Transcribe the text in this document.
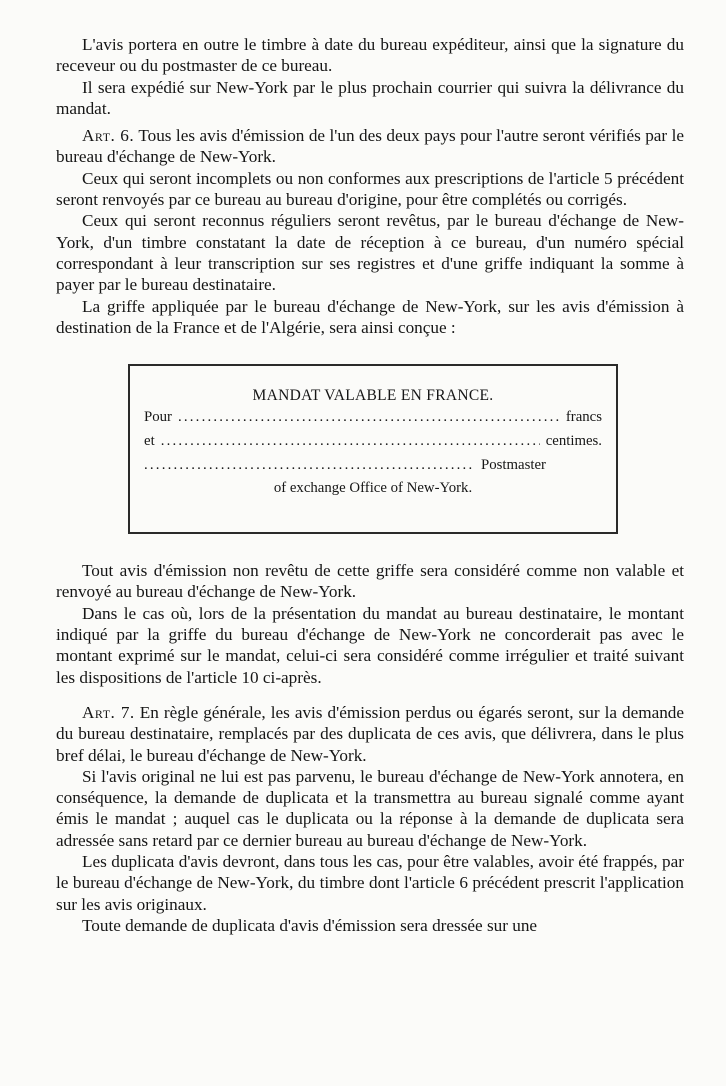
L'avis portera en outre le timbre à date du bureau expéditeur, ainsi que la signature du receveur ou du postmaster de ce bureau.

Il sera expédié sur New-York par le plus prochain courrier qui suivra la délivrance du mandat.

Art. 6. Tous les avis d'émission de l'un des deux pays pour l'autre seront vérifiés par le bureau d'échange de New-York.

Ceux qui seront incomplets ou non conformes aux prescriptions de l'article 5 précédent seront renvoyés par ce bureau au bureau d'origine, pour être complétés ou corrigés.

Ceux qui seront reconnus réguliers seront revêtus, par le bureau d'échange de New-York, d'un timbre constatant la date de réception à ce bureau, d'un numéro spécial correspondant à leur transcription sur ses registres et d'une griffe indiquant la somme à payer par le bureau destinataire.

La griffe appliquée par le bureau d'échange de New-York, sur les avis d'émission à destination de la France et de l'Algérie, sera ainsi conçue :

MANDAT VALABLE EN FRANCE.
Pour .....	francs
et .....	centimes.
.....
Postmaster
of exchange Office of New-York.

Tout avis d'émission non revêtu de cette griffe sera considéré comme non valable et renvoyé au bureau d'échange de New-York.

Dans le cas où, lors de la présentation du mandat au bureau destinataire, le montant indiqué par la griffe du bureau d'échange de New-York ne concorderait pas avec le montant exprimé sur le mandat, celui-ci sera considéré comme irrégulier et traité suivant les dispositions de l'article 10 ci-après.

Art. 7. En règle générale, les avis d'émission perdus ou égarés seront, sur la demande du bureau destinataire, remplacés par des duplicata de ces avis, que délivrera, dans le plus bref délai, le bureau d'échange de New-York.

Si l'avis original ne lui est pas parvenu, le bureau d'échange de New-York annotera, en conséquence, la demande de duplicata et la transmettra au bureau signalé comme ayant émis le mandat ; auquel cas le duplicata ou la réponse à la demande de duplicata sera adressée sans retard par ce dernier bureau au bureau d'échange de New-York.

Les duplicata d'avis devront, dans tous les cas, pour être valables, avoir été frappés, par le bureau d'échange de New-York, du timbre dont l'article 6 précédent prescrit l'application sur les avis originaux.

Toute demande de duplicata d'avis d'émission sera dressée sur une
